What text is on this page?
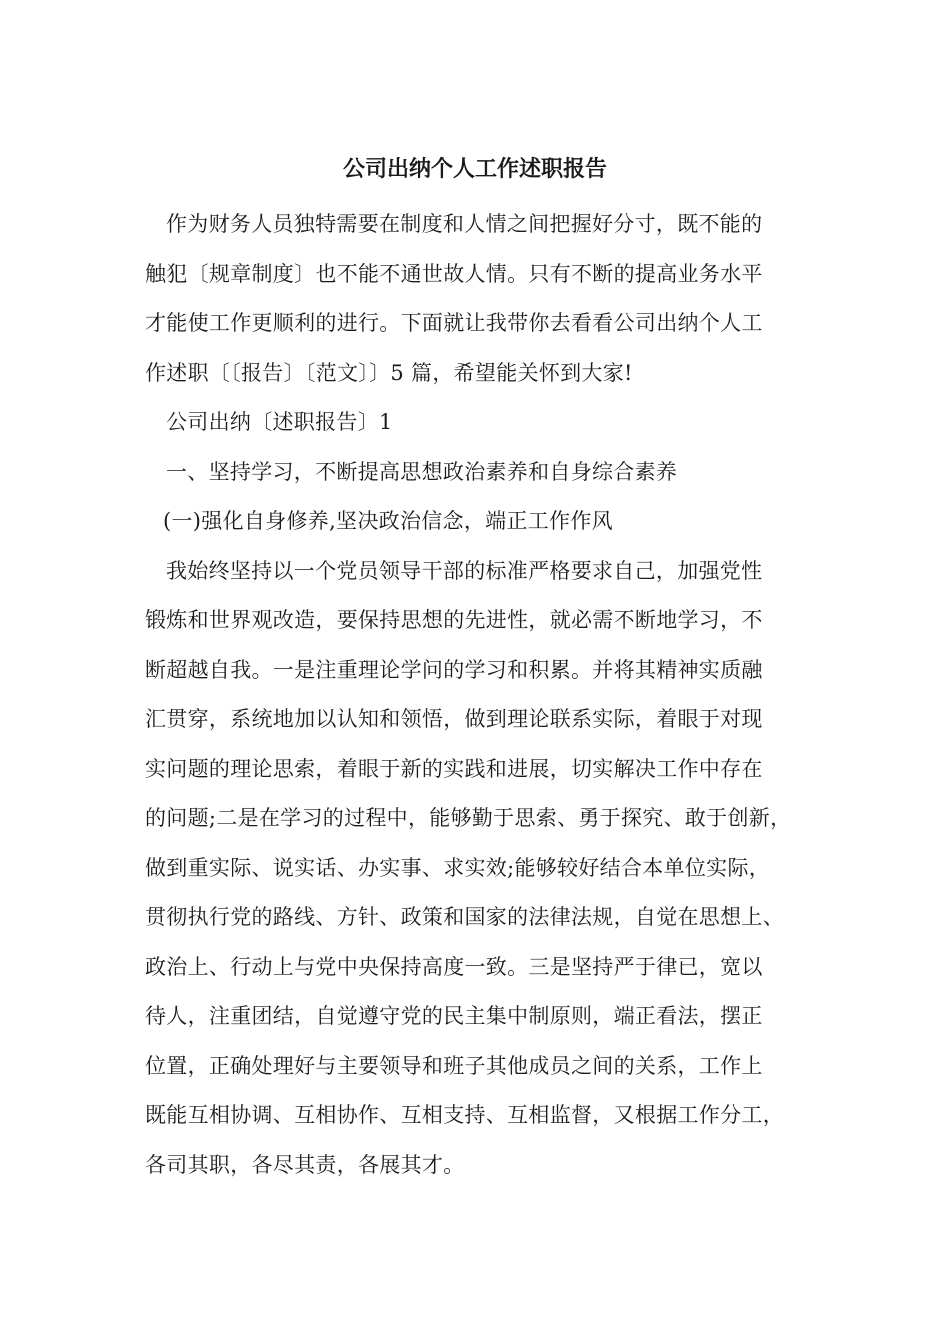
公司出纳个人工作述职报告
作为财务人员独特需要在制度和人情之间把握好分寸，既不能的
触犯〔规章制度〕也不能不通世故人情。只有不断的提高业务水平
才能使工作更顺利的进行。下面就让我带你去看看公司出纳个人工
作述职〔〔报告〕〔范文〕〕5 篇，希望能关怀到大家!
公司出纳〔述职报告〕1
一、坚持学习，不断提高思想政治素养和自身综合素养
(一)强化自身修养,坚决政治信念，端正工作作风
我始终坚持以一个党员领导干部的标准严格要求自己，加强党性
锻炼和世界观改造，要保持思想的先进性，就必需不断地学习，不
断超越自我。一是注重理论学问的学习和积累。并将其精神实质融
汇贯穿，系统地加以认知和领悟，做到理论联系实际，着眼于对现
实问题的理论思索，着眼于新的实践和进展，切实解决工作中存在
的问题;二是在学习的过程中，能够勤于思索、勇于探究、敢于创新，
做到重实际、说实话、办实事、求实效;能够较好结合本单位实际，
贯彻执行党的路线、方针、政策和国家的法律法规，自觉在思想上、
政治上、行动上与党中央保持高度一致。三是坚持严于律已，宽以
待人，注重团结，自觉遵守党的民主集中制原则，端正看法，摆正
位置，正确处理好与主要领导和班子其他成员之间的关系，工作上
既能互相协调、互相协作、互相支持、互相监督，又根据工作分工，
各司其职，各尽其责，各展其才。
